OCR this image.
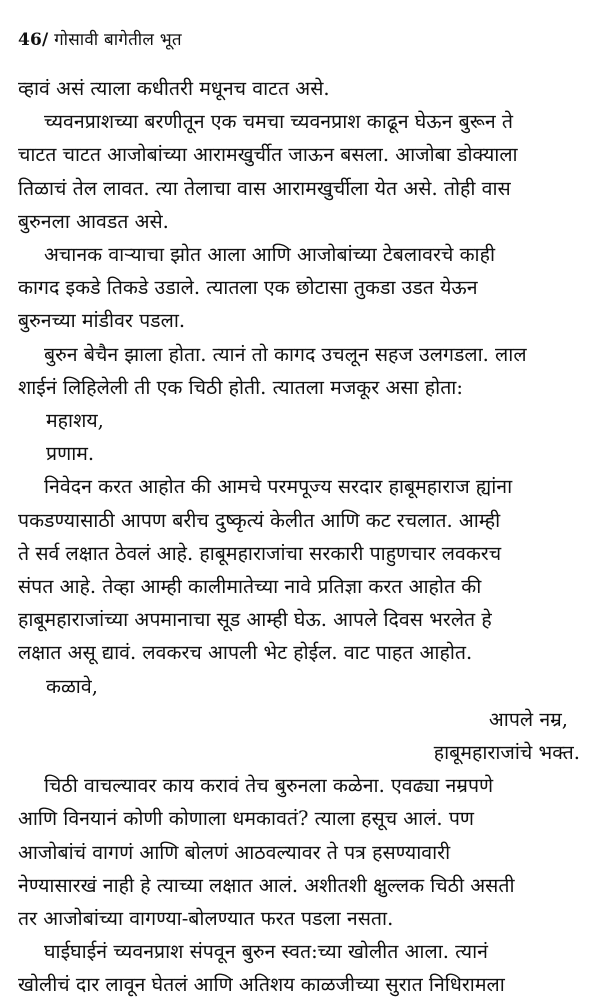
46/ गोसावी बागेतील भूत
व्हावं असं त्याला कधीतरी मधूनच वाटत असे.
च्यवनप्राशच्या बरणीतून एक चमचा च्यवनप्राश काढून घेऊन बुरून ते
चाटत चाटत आजोबांच्या आरामखुर्चीत जाऊन बसला. आजोबा डोक्याला
तिळाचं तेल लावत. त्या तेलाचा वास आरामखुर्चीला येत असे. तोही वास
बुरुनला आवडत असे.
अचानक वाऱ्याचा झोत आला आणि आजोबांच्या टेबलावरचे काही
कागद इकडे तिकडे उडाले. त्यातला एक छोटासा तुकडा उडत येऊन
बुरुनच्या मांडीवर पडला.
बुरुन बेचैन झाला होता. त्यानं तो कागद उचलून सहज उलगडला. लाल
शाईनं लिहिलेली ती एक चिठी होती. त्यातला मजकूर असा होता:
महाशय,
प्रणाम.
निवेदन करत आहोत की आमचे परमपूज्य सरदार हाबूमहाराज ह्यांना
पकडण्यासाठी आपण बरीच दुष्कृत्यं केलीत आणि कट रचलात. आम्ही
ते सर्व लक्षात ठेवलं आहे. हाबूमहाराजांचा सरकारी पाहुणचार लवकरच
संपत आहे. तेव्हा आम्ही कालीमातेच्या नावे प्रतिज्ञा करत आहोत की
हाबूमहाराजांच्या अपमानाचा सूड आम्ही घेऊ. आपले दिवस भरलेत हे
लक्षात असू द्यावं. लवकरच आपली भेट होईल. वाट पाहत आहोत.
कळावे,
आपले नम्र,
हाबूमहाराजांचे भक्त.
चिठी वाचल्यावर काय करावं तेच बुरुनला कळेना. एवढ्या नम्रपणे
आणि विनयानं कोणी कोणाला धमकावतं? त्याला हसूच आलं. पण
आजोबांचं वागणं आणि बोलणं आठवल्यावर ते पत्र हसण्यावारी
नेण्यासारखं नाही हे त्याच्या लक्षात आलं. अशीतशी क्षुल्लक चिठी असती
तर आजोबांच्या वागण्या-बोलण्यात फरत पडला नसता.
घाईघाईनं च्यवनप्राश संपवून बुरुन स्वत:च्या खोलीत आला. त्यानं
खोलीचं दार लावून घेतलं आणि अतिशय काळजीच्या सुरात निधिरामला
